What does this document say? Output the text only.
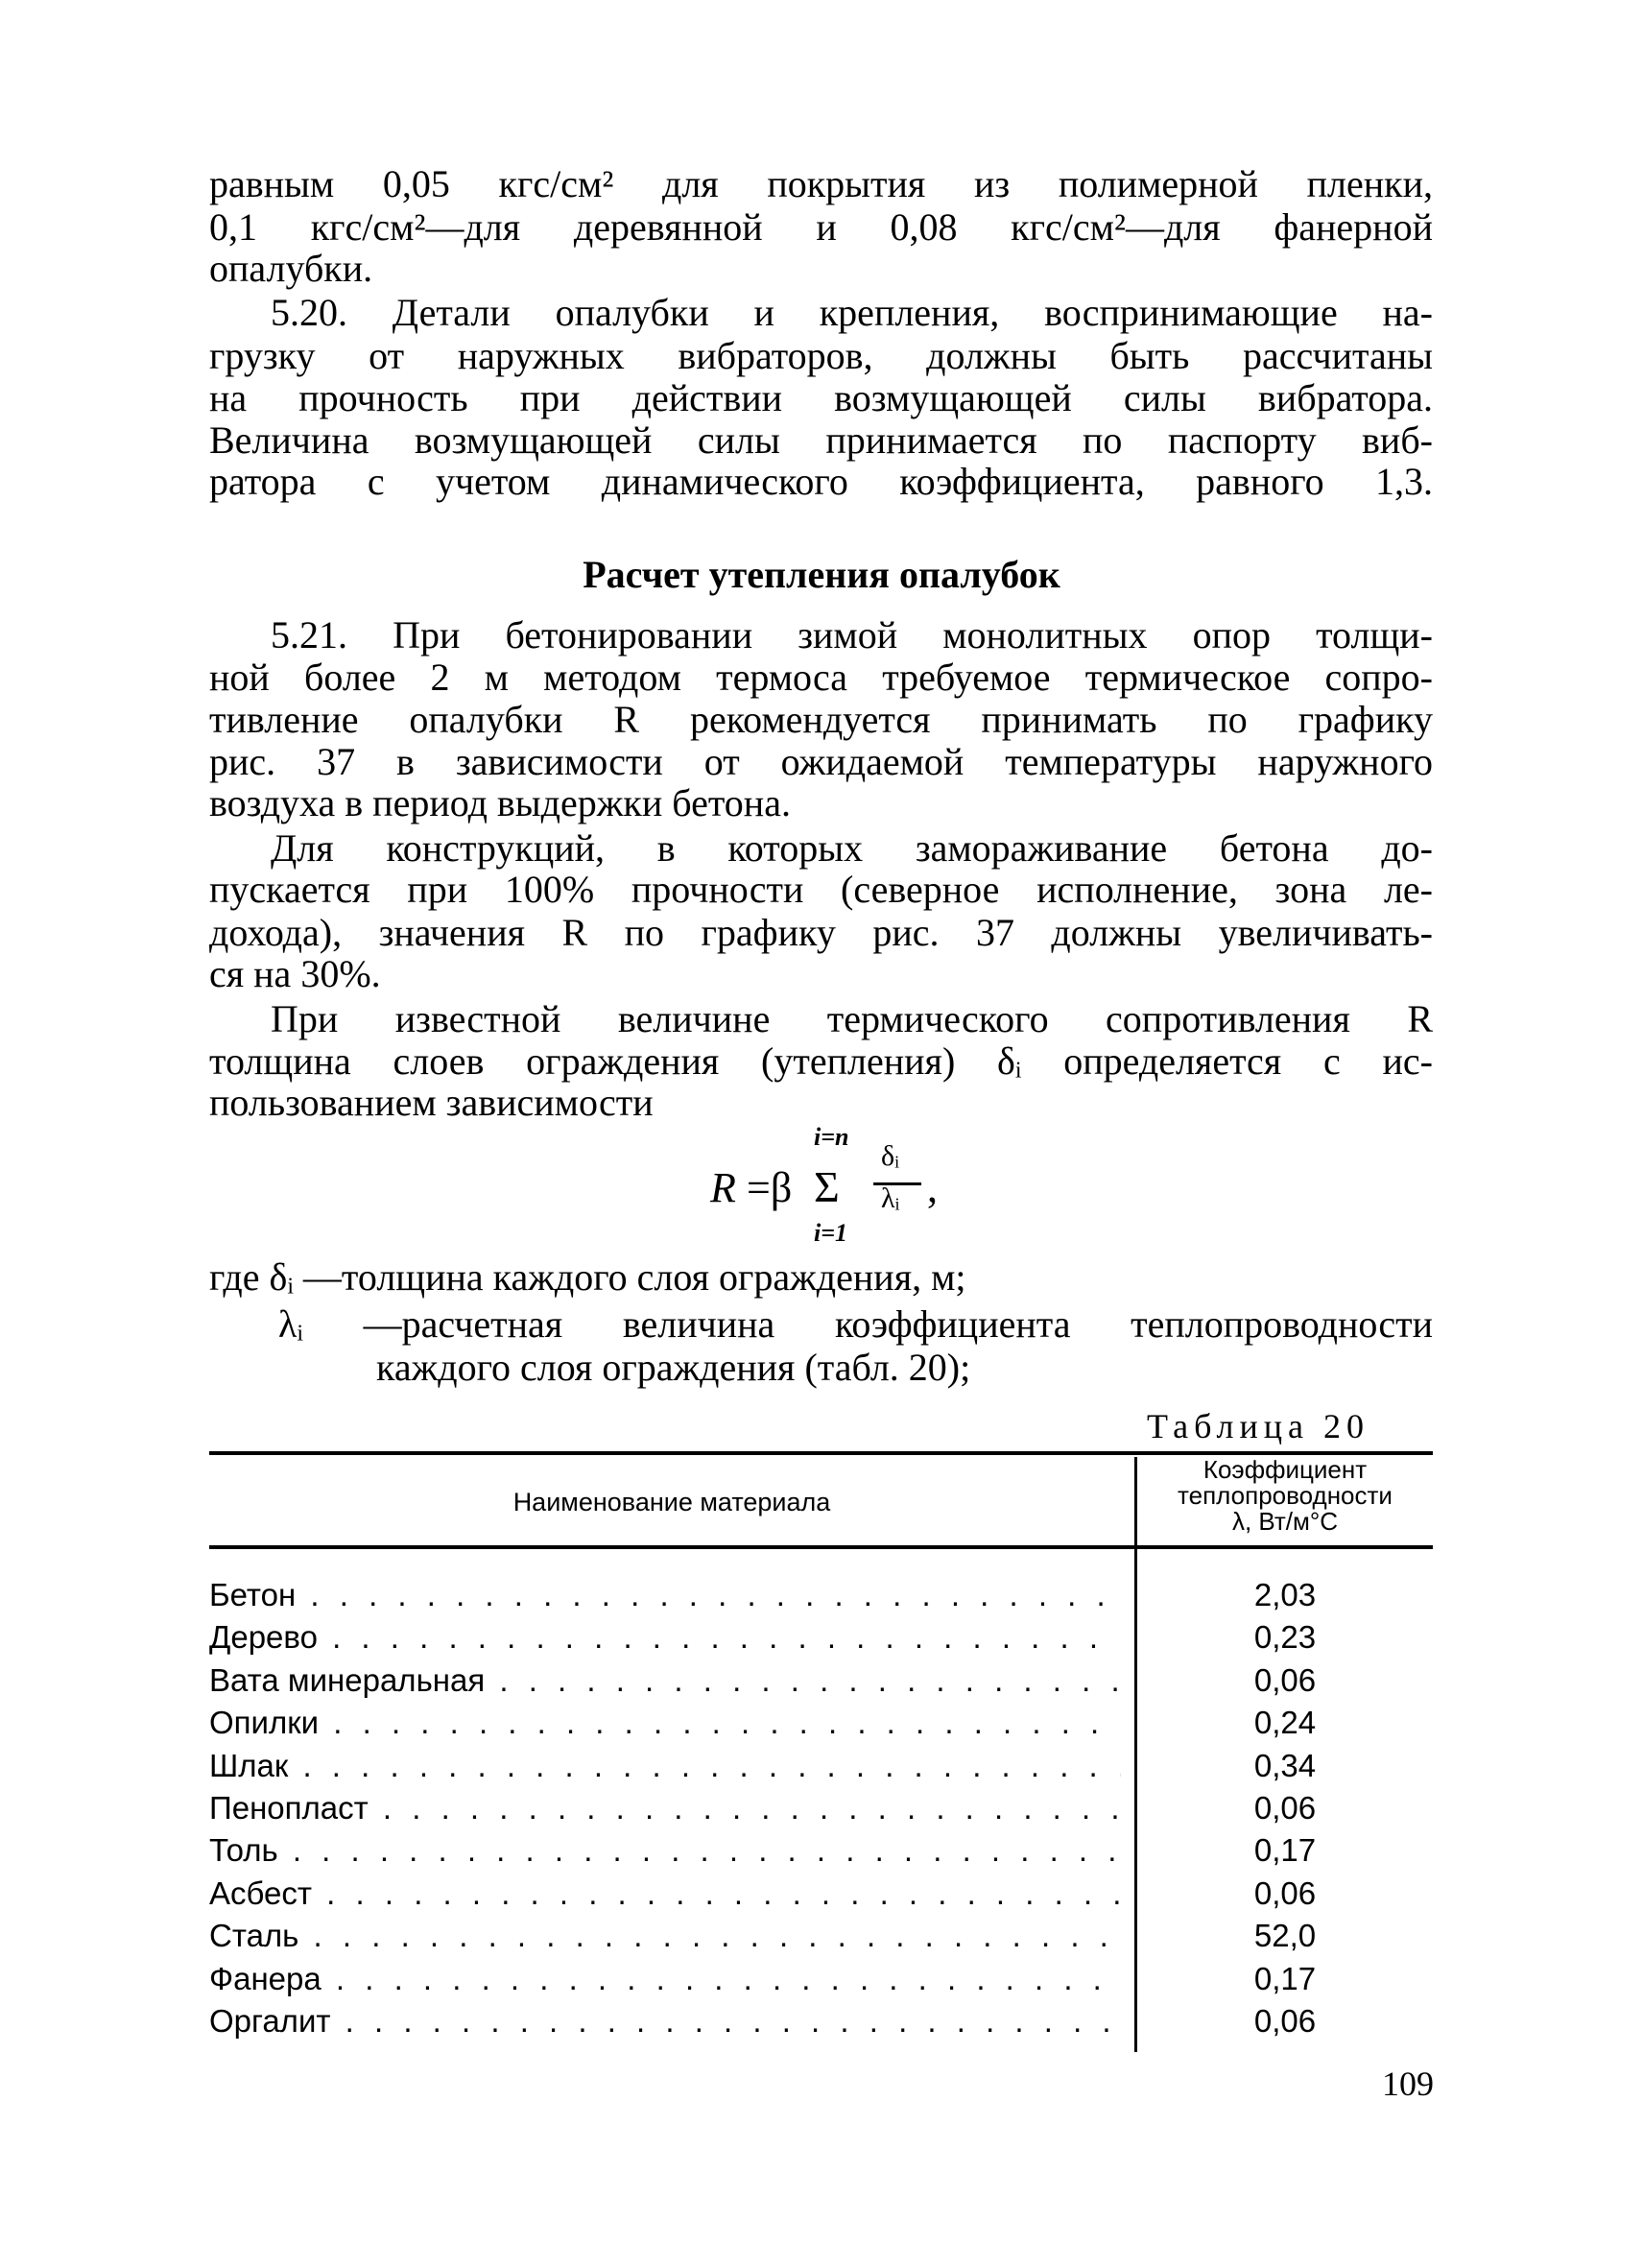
равным 0,05 кгс/см² для покрытия из полимерной пленки,
0,1 кгс/см²—для деревянной и 0,08 кгс/см²—для фанерной
опалубки.
5.20. Детали опалубки и крепления, воспринимающие на-
грузку от наружных вибраторов, должны быть рассчитаны
на прочность при действии возмущающей силы вибратора.
Величина возмущающей силы принимается по паспорту виб-
ратора с учетом динамического коэффициента, равного 1,3.
Расчет утепления опалубок
5.21. При бетонировании зимой монолитных опор толщи-
ной более 2 м методом термоса требуемое термическое сопро-
тивление опалубки R рекомендуется принимать по графику
рис. 37 в зависимости от ожидаемой температуры наружного
воздуха в период выдержки бетона.
Для конструкций, в которых замораживание бетона до-
пускается при 100% прочности (северное исполнение, зона ле-
дохода), значения R по графику рис. 37 должны увеличивать-
ся на 30%.
При известной величине термического сопротивления R
толщина слоев ограждения (утепления) δᵢ определяется с ис-
пользованием зависимости
R =β
i=n
Σ
i=1
δᵢ
λᵢ ,
где δᵢ —толщина каждого слоя ограждения, м;
λᵢ —расчетная величина коэффициента теплопроводности
каждого слоя ограждения (табл. 20);
Таблица 20
Наименование материала
Коэффициент
теплопроводности
λ, Вт/м°С
Бетон . . .	2,03
Дерево . . .	0,23
Вата минеральная . . .	0,06
Опилки . . .	0,24
Шлак . . .	0,34
Пенопласт . . .	0,06
Толь . . .	0,17
Асбест . . .	0,06
Сталь . . .	52,0
Фанера . . .	0,17
Оргалит . . .	0,06
109
